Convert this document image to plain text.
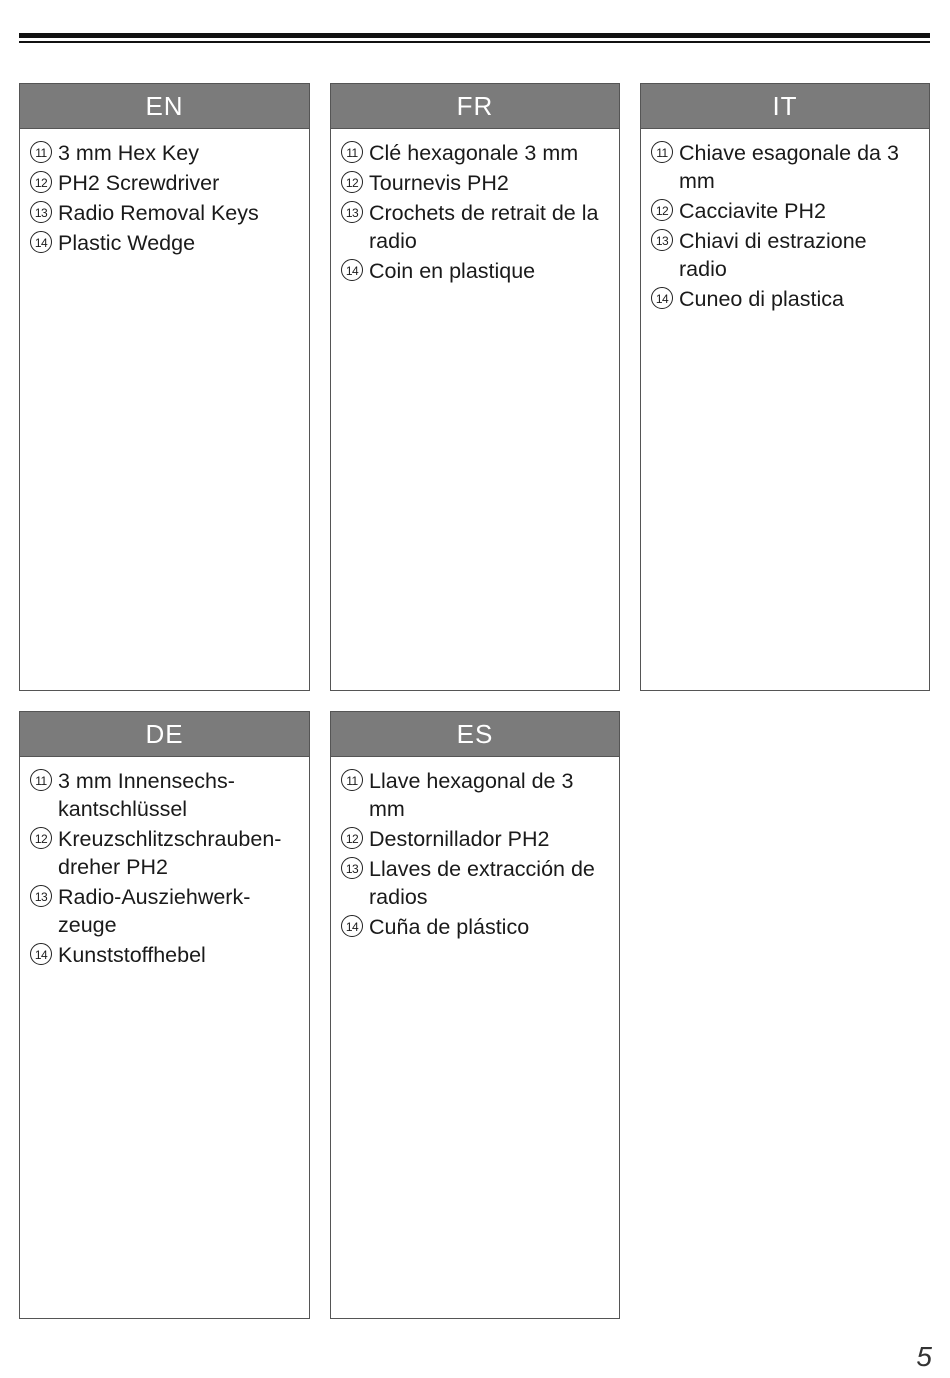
EN
11 3 mm Hex Key
12 PH2 Screwdriver
13 Radio Removal Keys
14 Plastic Wedge
FR
11 Clé hexagonale 3 mm
12 Tournevis PH2
13 Crochets de retrait de la radio
14 Coin en plastique
IT
11 Chiave esagonale da 3 mm
12 Cacciavite PH2
13 Chiavi di estrazione radio
14 Cuneo di plastica
DE
11 3 mm Innensechs-kantschlüssel
12 Kreuzschlitzschrauben-dreher PH2
13 Radio-Ausziehwerk-zeuge
14 Kunststoffhebel
ES
11 Llave hexagonal de 3 mm
12 Destornillador PH2
13 Llaves de extracción de radios
14 Cuña de plástico
5
